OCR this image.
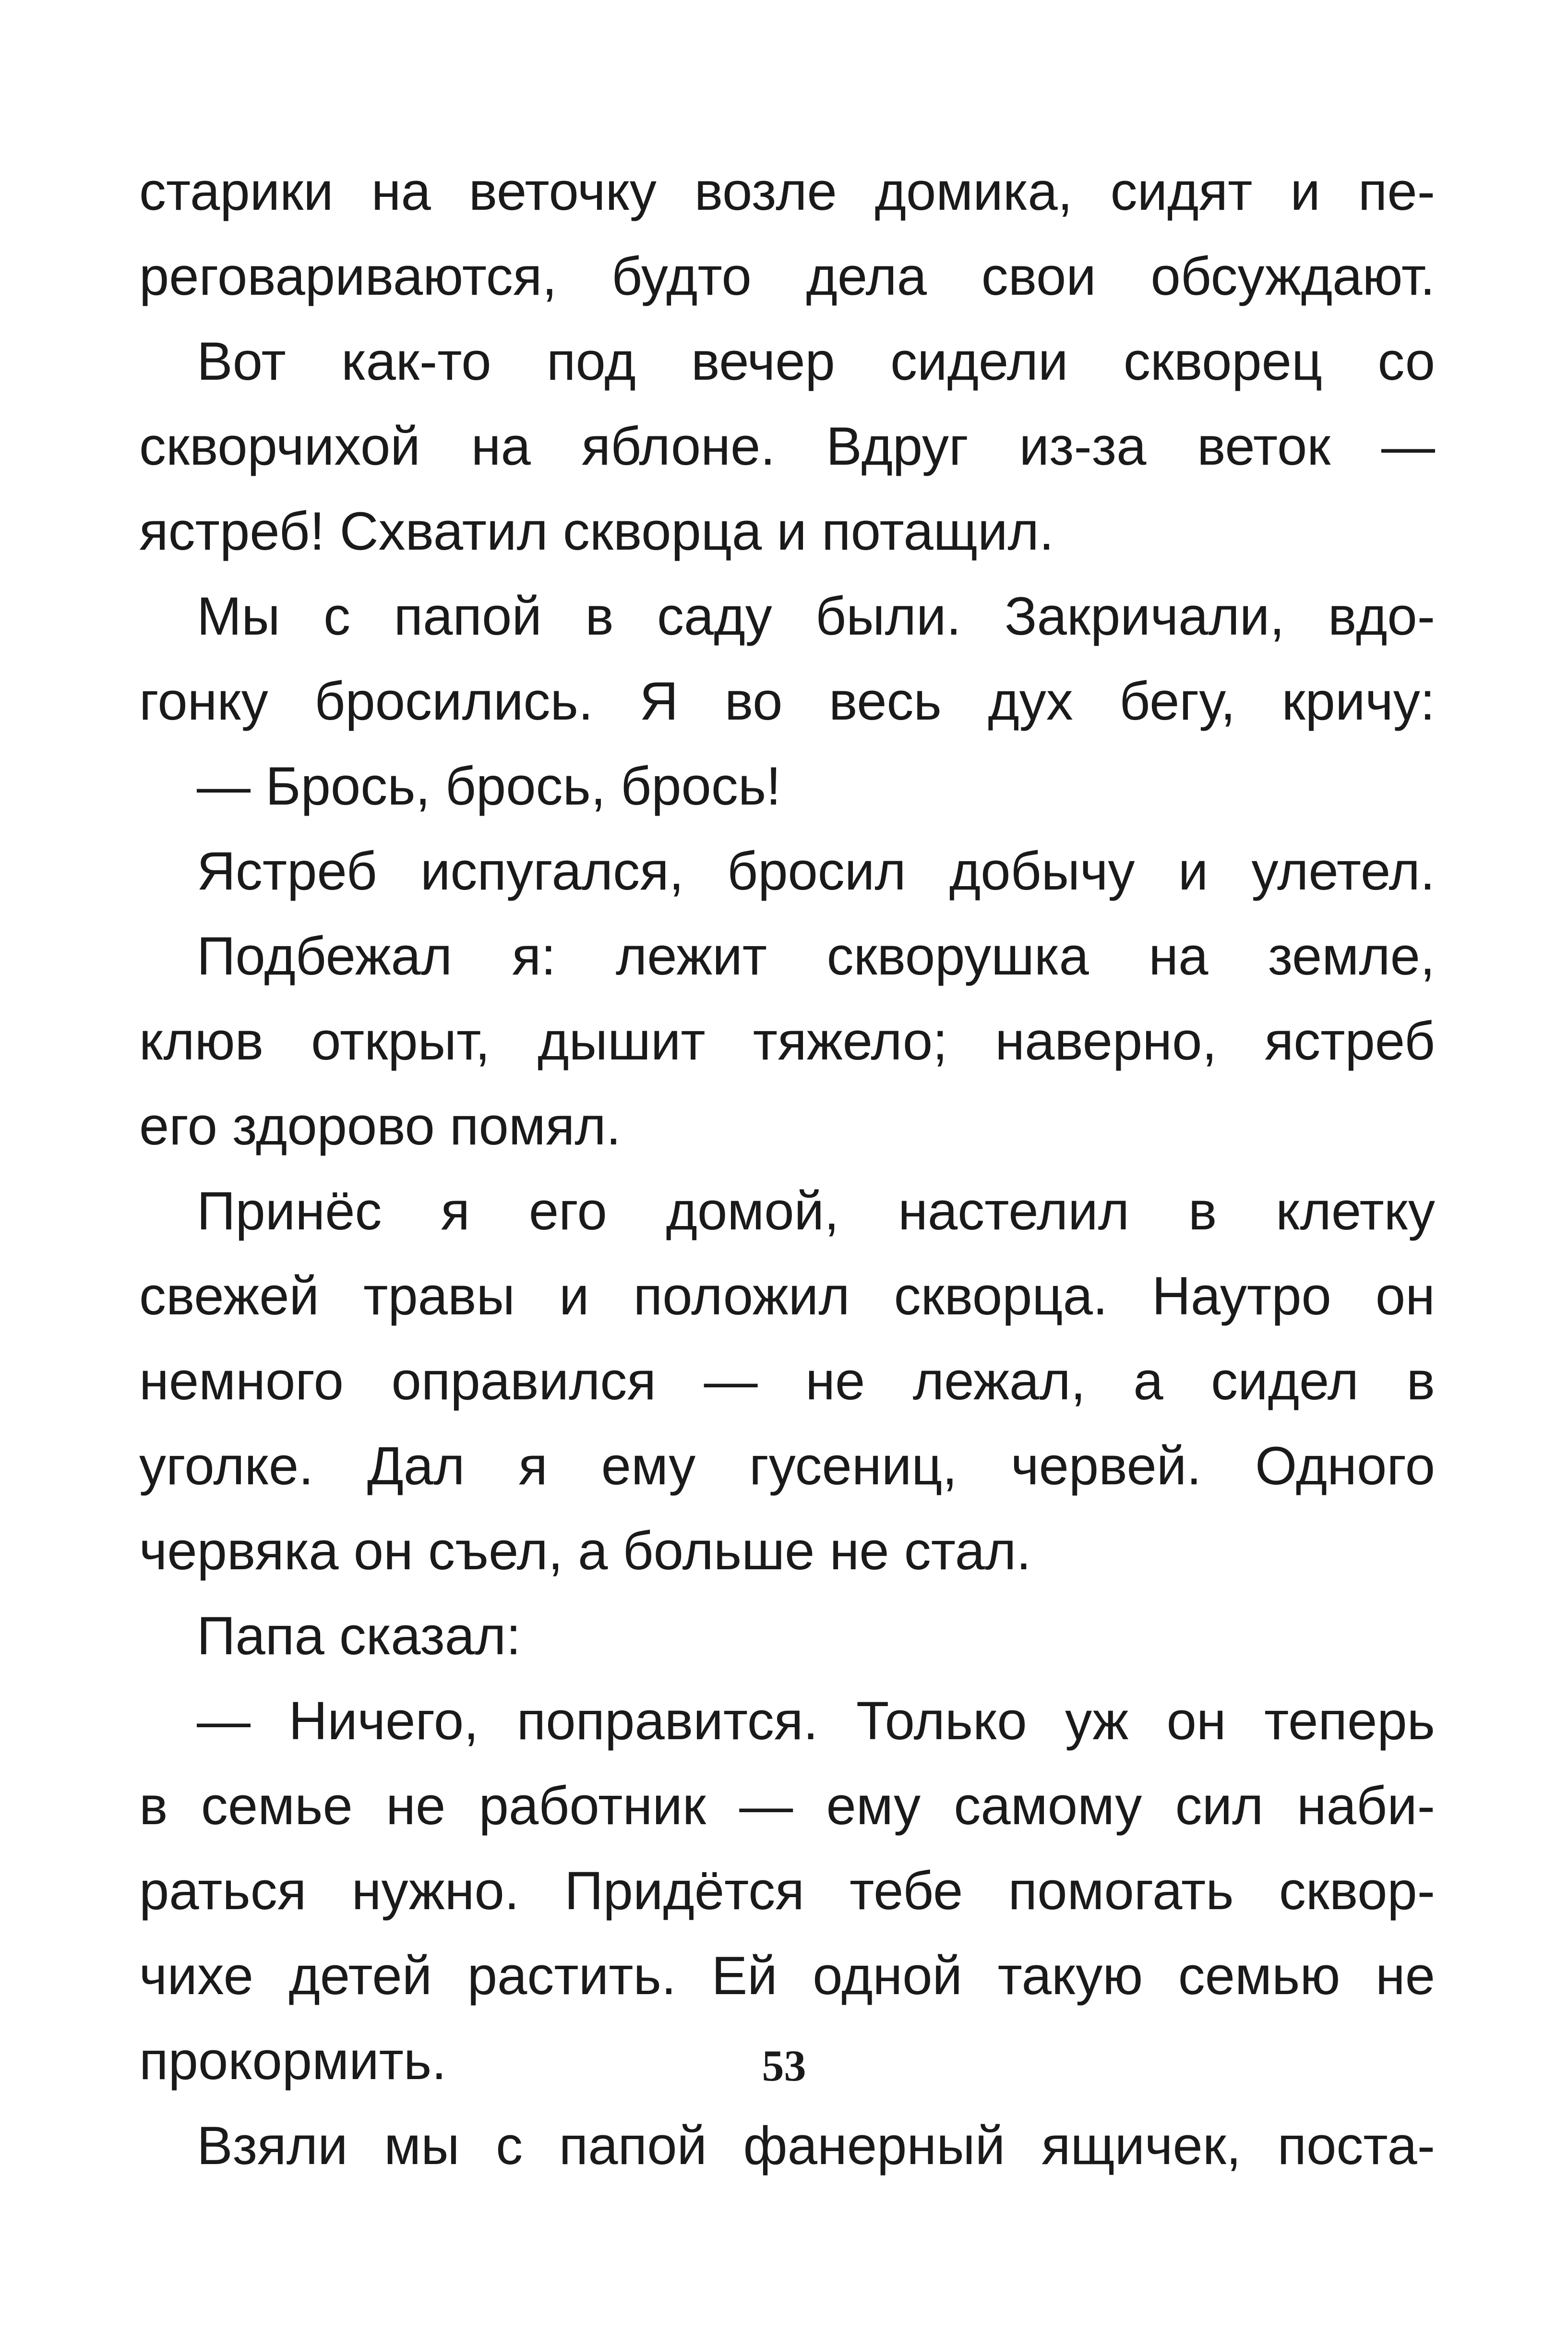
старики на веточку возле домика, сидят и пе-
реговариваются, будто дела свои обсуждают.
Вот как-то под вечер сидели скворец со
скворчихой на яблоне. Вдруг из-за веток —
ястреб! Схватил скворца и потащил.
Мы с папой в саду были. Закричали, вдо-
гонку бросились. Я во весь дух бегу, кричу:
— Брось, брось, брось!
Ястреб испугался, бросил добычу и улетел.
Подбежал я: лежит скворушка на земле,
клюв открыт, дышит тяжело; наверно, ястреб
его здорово помял.
Принёс я его домой, настелил в клетку
свежей травы и положил скворца. Наутро он
немного оправился — не лежал, а сидел в
уголке. Дал я ему гусениц, червей. Одного
червяка он съел, а больше не стал.
Папа сказал:
— Ничего, поправится. Только уж он теперь
в семье не работник — ему самому сил наби-
раться нужно. Придётся тебе помогать сквор-
чихе детей растить. Ей одной такую семью не
прокормить.
Взяли мы с папой фанерный ящичек, поста-
53
